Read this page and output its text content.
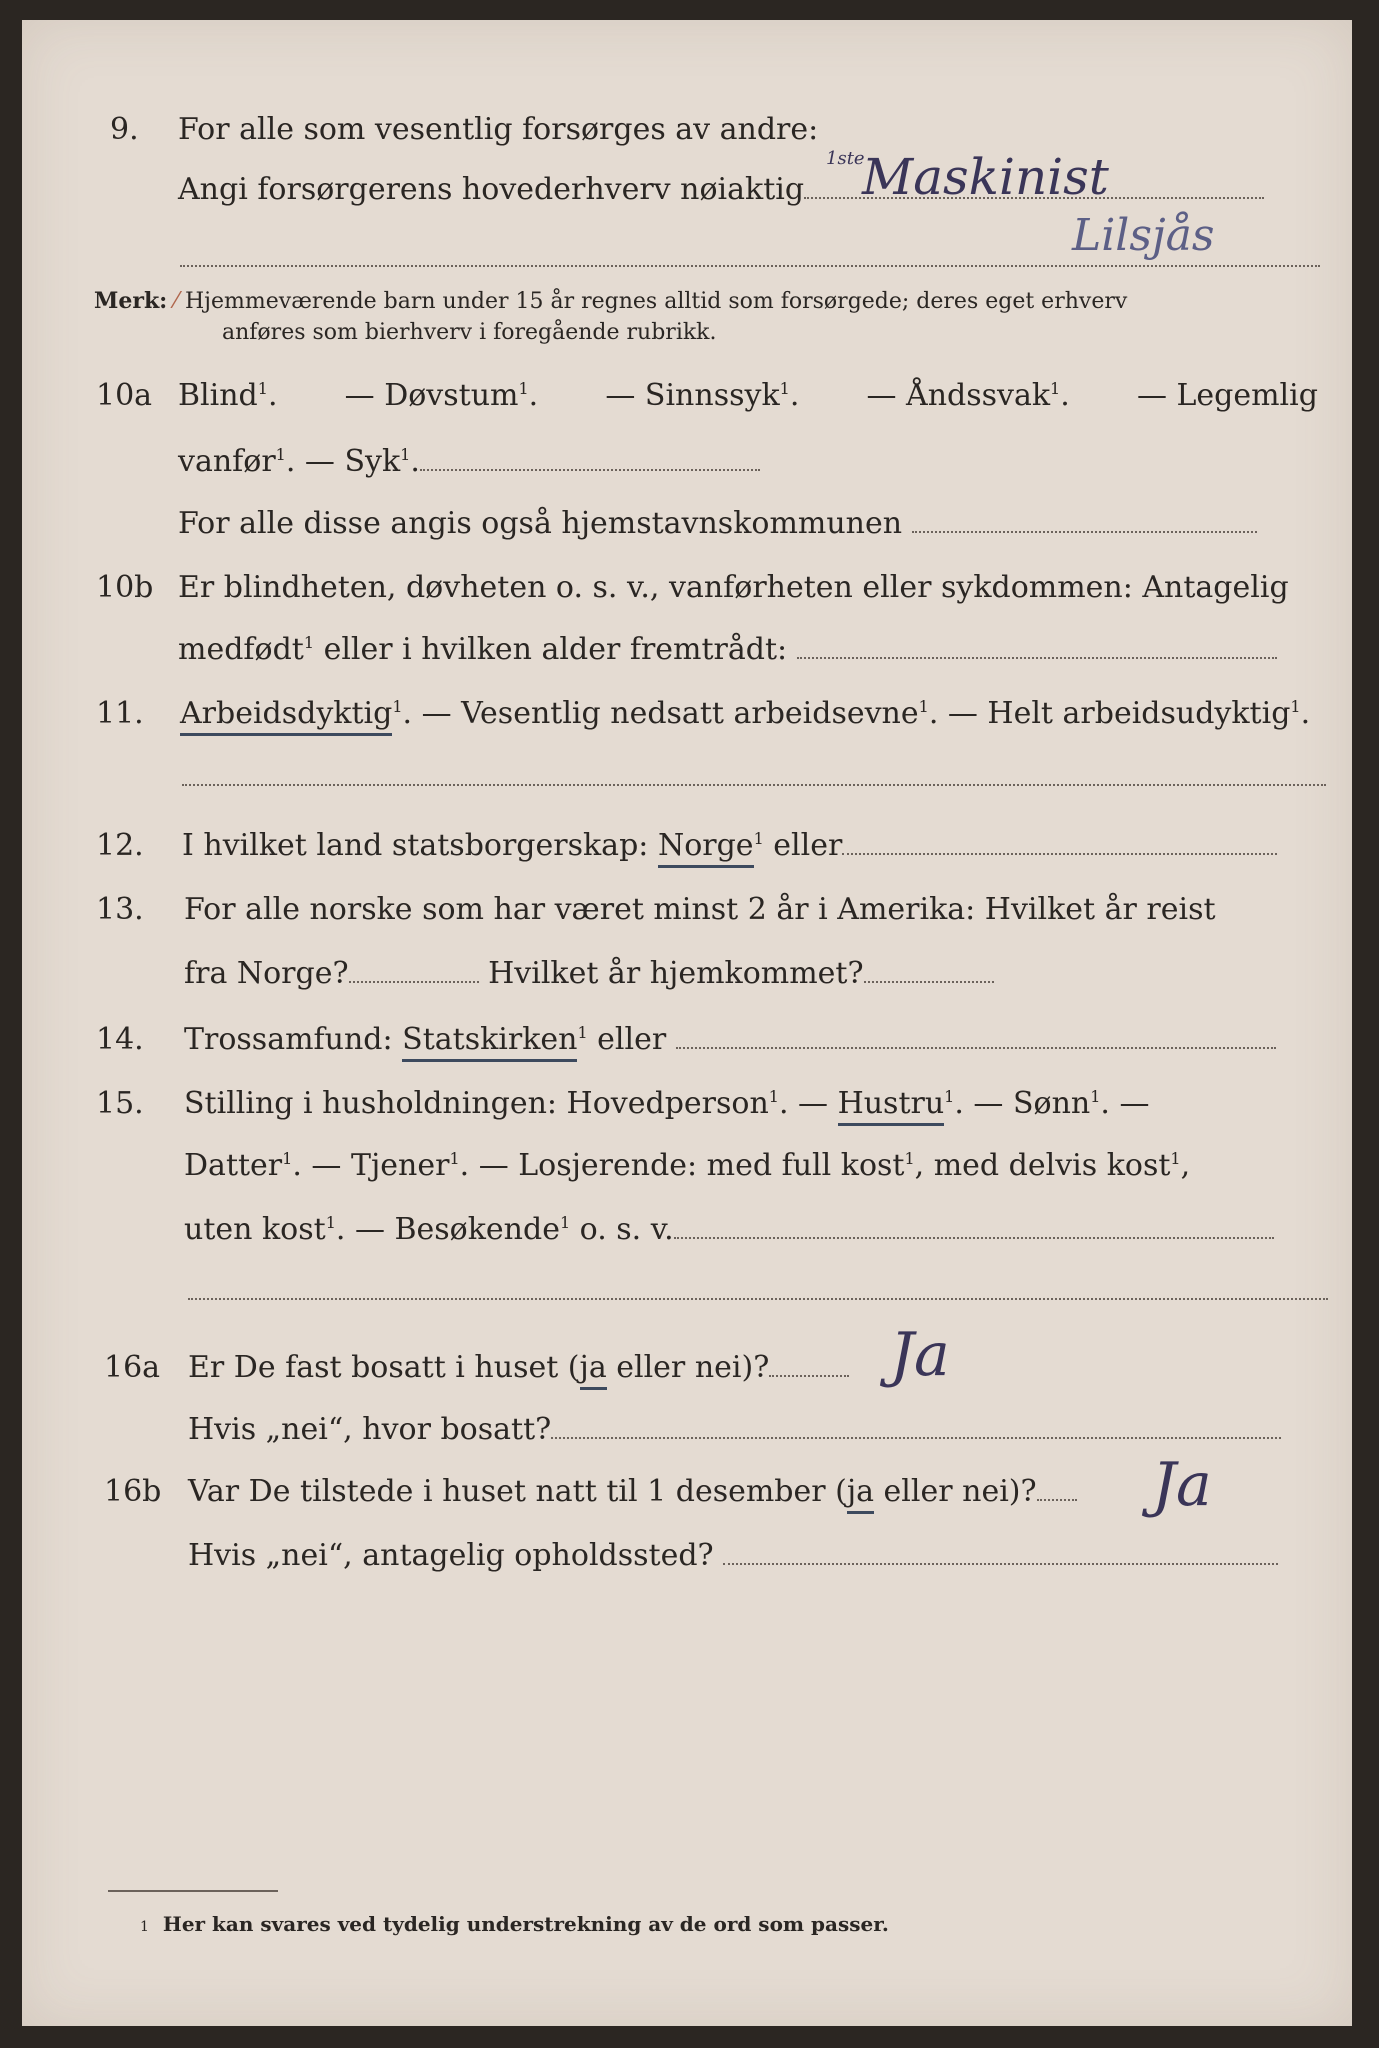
9. For alle som vesentlig forsørges av andre:
Angi forsørgerens hovederhverv nøiaktig	Maskinist
1ste
Lilsjås
Merk: ⁄ Hjemmeværende barn under 15 år regnes alltid som forsørgede; deres eget erhverv
anføres som bierhverv i foregående rubrikk.
10a Blind$^1$. — Døvstum$^1$. — Sinnssyk$^1$. — Åndssvak$^1$. — Legemlig
vanfør$^1$. — Syk$^1$.
For alle disse angis også hjemstavnskommunen
10b Er blindheten, døvheten o. s. v., vanførheten eller sykdommen: Antagelig
medfødt$^1$ eller i hvilken alder fremtrådt:
11. Arbeidsdyktig$^1$. — Vesentlig nedsatt arbeidsevne$^1$. — Helt arbeidsudyktig$^1$.
12. I hvilket land statsborgerskap: Norge$^1$ eller
13. For alle norske som har været minst 2 år i Amerika: Hvilket år reist
fra Norge?	Hvilket år hjemkommet?
14. Trossamfund: Statskirken$^1$ eller
15. Stilling i husholdningen: Hovedperson$^1$. — Hustru$^1$. — Sønn$^1$. —
Datter$^1$. — Tjener$^1$. — Losjerende: med full kost$^1$, med delvis kost$^1$,
uten kost$^1$. — Besøkende$^1$ o. s. v.
16a Er De fast bosatt i huset (ja eller nei)?	Ja
Hvis „nei“, hvor bosatt?
16b Var De tilstede i huset natt til 1 desember (ja eller nei)?	Ja
Hvis „nei“, antagelig opholdssted?
1 Her kan svares ved tydelig understrekning av de ord som passer.
